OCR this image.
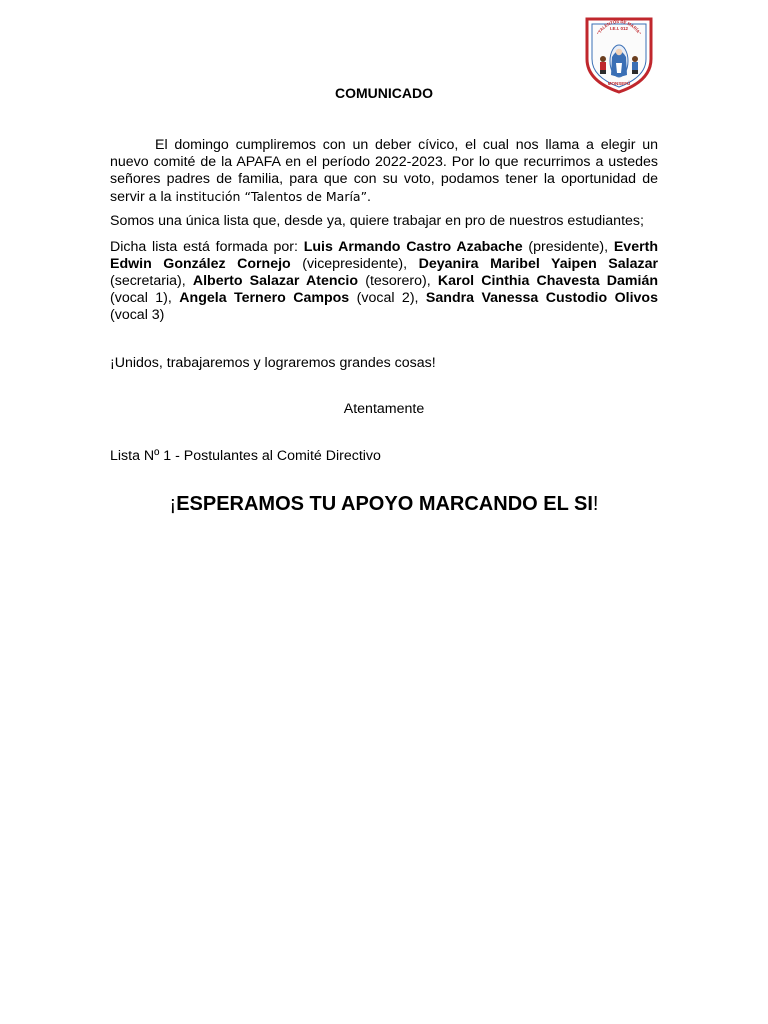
I.E.I. 012
"TALENTOS DE MARÍA"
MONSEFÚ
COMUNICADO
El domingo cumpliremos con un deber cívico, el cual nos llama a elegir un nuevo comité de la APAFA en el período 2022-2023. Por lo que recurrimos a ustedes señores padres de familia, para que con su voto, podamos tener la oportunidad de servir a la institución “Talentos de María”.
Somos una única lista que, desde ya, quiere trabajar en pro de nuestros estudiantes;
Dicha lista está formada por: Luis Armando Castro Azabache (presidente), Everth Edwin González Cornejo (vicepresidente), Deyanira Maribel Yaipen Salazar (secretaria), Alberto Salazar Atencio (tesorero), Karol Cinthia Chavesta Damián (vocal 1), Angela Ternero Campos (vocal 2), Sandra Vanessa Custodio Olivos (vocal 3)
¡Unidos, trabajaremos y lograremos grandes cosas!
Atentamente
Lista Nº 1 - Postulantes al Comité Directivo
¡ESPERAMOS TU APOYO MARCANDO EL SI!
